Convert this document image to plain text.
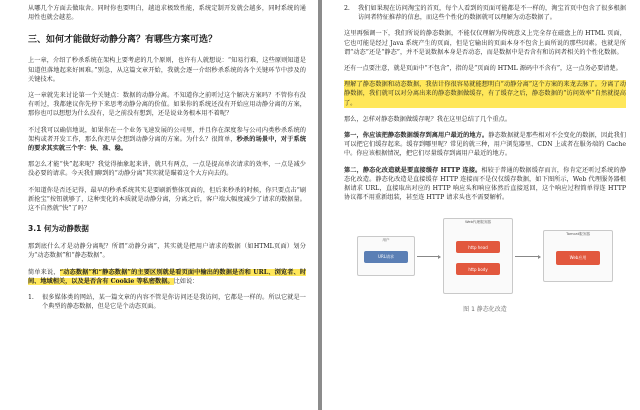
从哪几个方面去做取舍。同时你也要明白，越追求极致性能，系统定制开发就会越多，同时系统的通用性也就会越差。

三、如何才能做好动静分离？有哪些方案可选？

上一章，介绍了秒杀系统在架构上要考虑的几个原则，也许有人就想说：“知易行难，这些原则知道是知道但落地起来好困难。”别急，从这篇文章开始，我就会逐一介绍秒杀系统的各个关键环节中涉及的关键技术。

这一章就先来讨论第一个关键点：数据的动静分离。不知道你之前听过这个解决方案吗？不管你有没有听过，我都建议你先停下来思考动静分离的价值。如果你的系统还没有开始应用动静分离的方案，那你也可以想想为什么没有，是之前没有想到，还是说业务根本用不着呢？

不过我可以确信地说，如果你在一个业务飞速发展的公司里，并且你在深度参与公司内类秒杀系统的架构或者开发工作，那么你迟早会想到动静分离的方案。为什么？很简单，秒杀的场景中，对于系统的要求其实就三个字：快、准、稳。

那怎么才能“快”起来呢？我觉得抽象起来讲，就只有两点，一点是提高单次请求的效率，一点是减少没必要的请求。今天我们聊到的“动静分离”其实就是瞄着这个大方向去的。

不知道你是否还记得，最早的秒杀系统其实是要刷新整体页面的，但后来秒杀的时候，你只要点击“刷新抢宝”按钮就够了，这种变化的本质就是动静分离，分离之后，客户端大幅度减少了请求的数据量。这不自然就“快”了吗？

3.1 何为动静数据

那到底什么才是动静分离呢？所谓“动静分离”，其实就是把用户请求的数据（如HTML页面）划分为“动态数据”和“静态数据”。

简单来说，“动态数据”和“静态数据”的主要区别就是看页面中输出的数据是否和 URL、浏览者、时间、地域相关，以及是否含有 Cookie 等私密数据。比如说：

1.	很多媒体类的网站，某一篇文章的内容不管是你访问还是我访问，它都是一样的。所以它就是一个典型的静态数据，但是它是个动态页面。

2.	我们如果现在访问淘宝的首页，每个人看到的页面可能都是不一样的，淘宝首页中包含了很多根据访问者特征推荐的信息，而这些个性化的数据就可以理解为动态数据了。

这里再强调一下，我们所说的静态数据，不能仅仅理解为传统意义上完全存在磁盘上的 HTML 页面，它也可能是经过 Java 系统产生的页面，但是它输出的页面本身不包含上面所说的那些因素。也就是所谓“动态”还是“静态”，并不是说数据本身是否动态，而是数据中是否含有和访问者相关的个性化数据。

还有一点要注意，就是页面中“不包含”，指的是“页面的 HTML 源码中不含有”，这一点务必要清楚。

理解了静态数据和动态数据，我估计你很容易就能想明白“动静分离”这个方案的来龙去脉了。分离了动静数据，我们就可以对分离出来的静态数据做缓存，有了缓存之后，静态数据的“访问效率”自然就提高了。

那么，怎样对静态数据做缓存呢？我在这里总结了几个重点。

第一，你应该把静态数据缓存到离用户最近的地方。静态数据就是那些相对不会变化的数据，因此我们可以把它们缓存起来。缓存到哪里呢？常见的就三种，用户浏览器里、CDN 上或者在服务端的 Cache 中。你应该根据情况，把它们尽量缓存到离用户最近的地方。

第二，静态化改造就是要直接缓存 HTTP 连接。相较于普通的数据缓存而言，你肯定还听过系统的静态化改造。静态化改造是直接缓存 HTTP 连接而不是仅仅缓存数据，如下图所示，Web 代理服务器根据请求 URL，直接取出对应的 HTTP 响应头和响应体然后直接返回，这个响应过程简单得连 HTTP 协议都不用重新组装，甚至连 HTTP 请求头也不需要解析。

用户
URL请求
Web代理服务器
http head
http body
Tomcat服务器
Web应用
图 1 静态化改造
